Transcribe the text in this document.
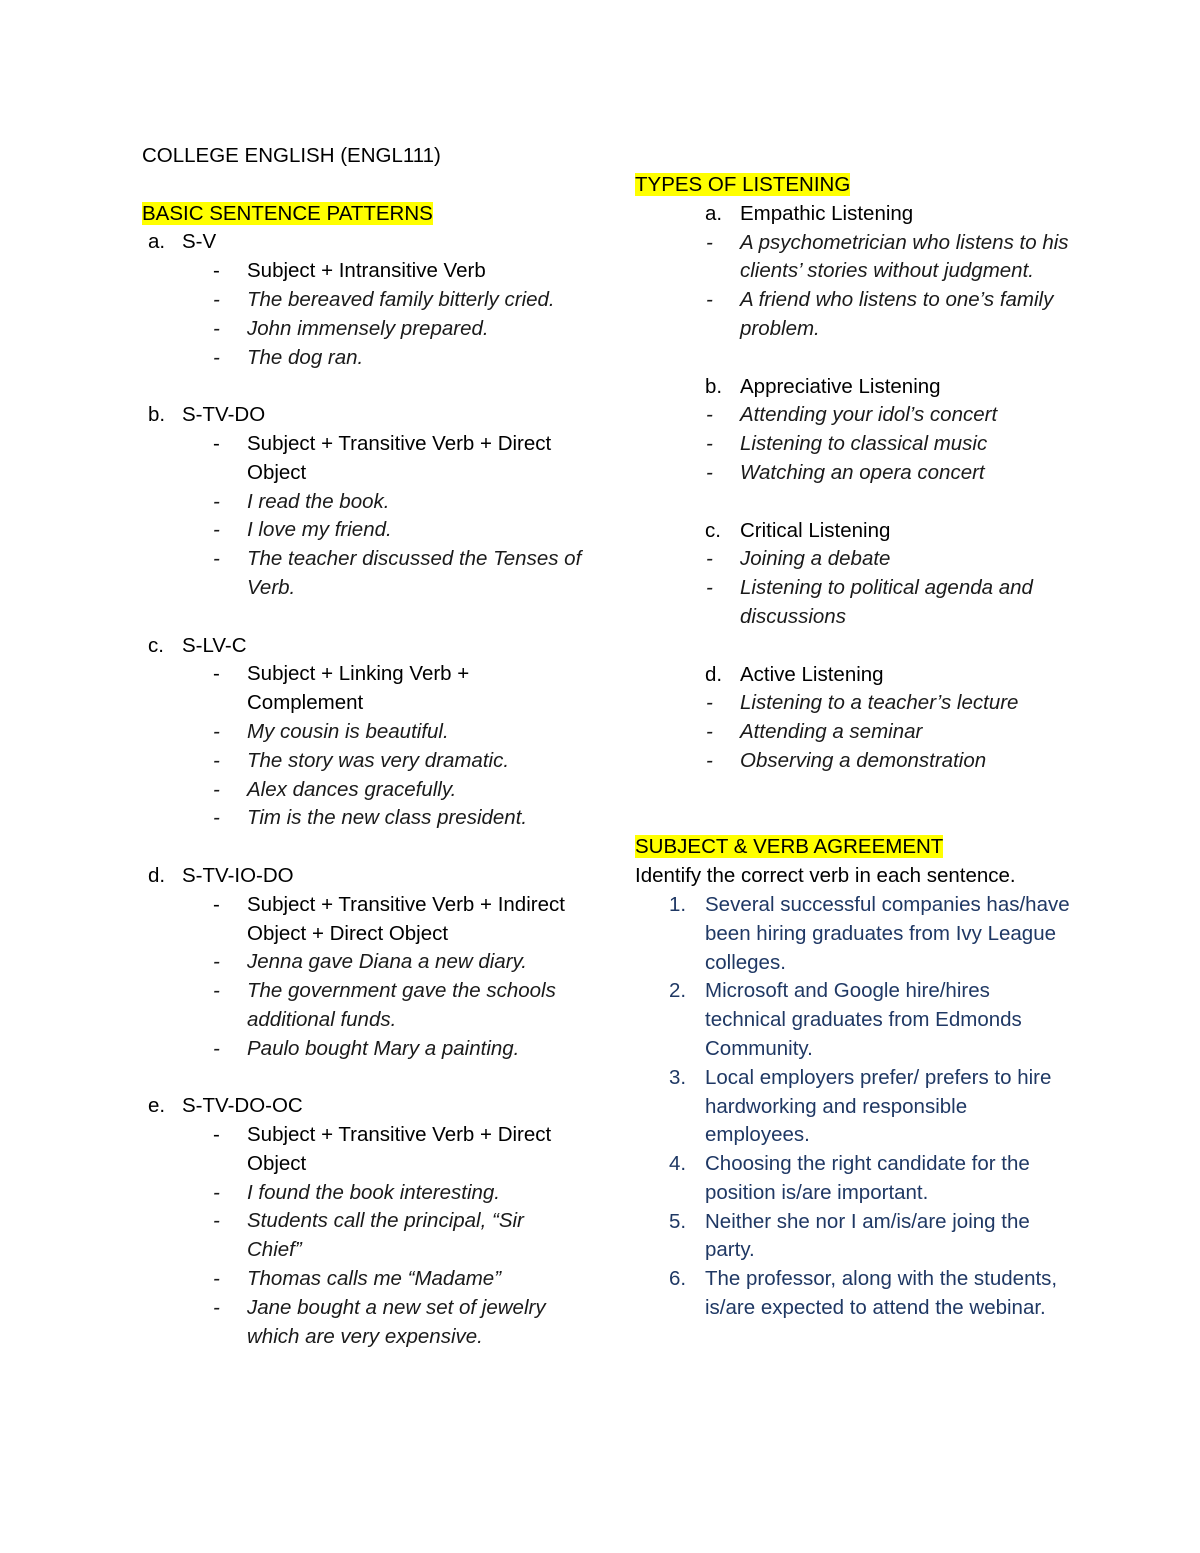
COLLEGE ENGLISH (ENGL111)
BASIC SENTENCE PATTERNS
a. S-V
- Subject + Intransitive Verb
- The bereaved family bitterly cried.
- John immensely prepared.
- The dog ran.
b. S-TV-DO
- Subject + Transitive Verb + Direct Object
- I read the book.
- I love my friend.
- The teacher discussed the Tenses of Verb.
c. S-LV-C
- Subject + Linking Verb + Complement
- My cousin is beautiful.
- The story was very dramatic.
- Alex dances gracefully.
- Tim is the new class president.
d. S-TV-IO-DO
- Subject + Transitive Verb + Indirect Object + Direct Object
- Jenna gave Diana a new diary.
- The government gave the schools additional funds.
- Paulo bought Mary a painting.
e. S-TV-DO-OC
- Subject + Transitive Verb + Direct Object
- I found the book interesting.
- Students call the principal, “Sir Chief”
- Thomas calls me “Madame”
- Jane bought a new set of jewelry which are very expensive.
TYPES OF LISTENING
a. Empathic Listening
- A psychometrician who listens to his clients’ stories without judgment.
- A friend who listens to one’s family problem.
b. Appreciative Listening
- Attending your idol’s concert
- Listening to classical music
- Watching an opera concert
c. Critical Listening
- Joining a debate
- Listening to political agenda and discussions
d. Active Listening
- Listening to a teacher’s lecture
- Attending a seminar
- Observing a demonstration
SUBJECT & VERB AGREEMENT
Identify the correct verb in each sentence.
1. Several successful companies has/have been hiring graduates from Ivy League colleges.
2. Microsoft and Google hire/hires technical graduates from Edmonds Community.
3. Local employers prefer/ prefers to hire hardworking and responsible employees.
4. Choosing the right candidate for the position is/are important.
5. Neither she nor I am/is/are joing the party.
6. The professor, along with the students, is/are expected to attend the webinar.
